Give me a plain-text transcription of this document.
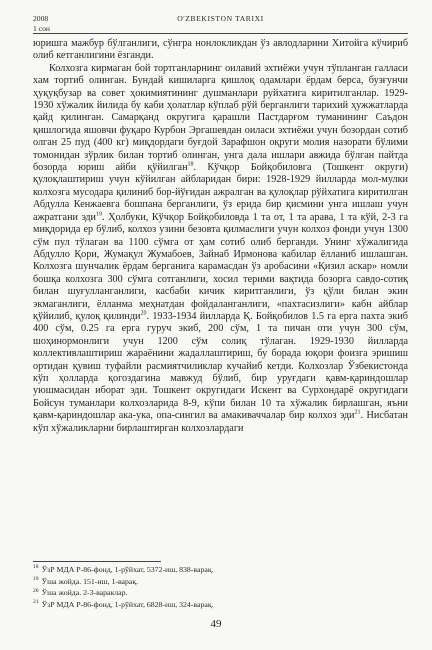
2008
1 сон
O'ZBEKISTON TARIXI

юришга мажбур бўлганлиги, сўнгра нонлокликдан ўз авлодларини Хитойга кўчириб олиб кетганлигини ёзганди.

Колхозга кирмаган бой тортганларнинг оилавий эхтиёжи учун тўпланган галласи хам тортиб олинган. Бундай кишиларга қишлоқ одамлари ёрдам берса, бузғунчи ҳуқуқбузар ва совет ҳокимиятининг душманлари руйхатига киритилганлар. 1929-1930 хўжалик йилида бу каби ҳолатлар кўплаб рўй берганлиги тарихий ҳужжатларда қайд қилинган. Самарқанд округига қарашли Пастдарғом туманининг Саъдон қишлогида яшовчи фуқаро Курбон Эргашевдан оиласи эхтиёжи учун бозордан сотиб олган 25 пуд (400 кг) миқдордаги буғдой Зарафшон оқруги молия назорати бўлими томонидан зўрлик билан тортиб олинган, унга дала ишлари авжида бўлган пайтда бозорда юриш айби қўйилган$^{18}$. Кўчқор Бойқобиловга (Тошкент округи) қулоқлаштириш учун кўйилган айбларидан бири: 1928-1929 йилларда мол-мулки колхозга мусодара қилиниб бор-йўғидан ажралган ва қулоқлар рўйхатига киритилган Абдулла Кенжаевга бошпана берганлиги, ўз ерида бир қисмини унга ишлаш учун ажратгани эди$^{19}$. Ҳолбуки, Кўчқор Бойқобиловда 1 та от, 1 та арава, 1 та кўй, 2-3 га миқдорида ер бўлиб, колхоз узини безовта қилмаслиги учун колхоз фонди учун 1300 сўм пул тўлаган ва 1100 сўмга от ҳам сотиб олиб берганди. Унинг хўжалигида Абдулло Қори, Жумақул Жумабоев, Зайнаб Ирмонова кабилар ёлланиб ишлашган. Колхозга шунчалик ёрдам берганига карамасдан ўз аробасини «Қизил аскар» номли бошқа колхозга 300 сўмга сотганлиги, хосил терими вақтида бозорга савдо-сотиқ билан шуғулланганлиги, касбаби кичик киритганлиги, ўз қўли билан экин экмаганлиги, ёлланма меҳнатдан фойдаланганлиги, «пахтасизлиги» кабн айблар қўйилиб, қулоқ қилинди$^{20}$. 1933-1934 йилларда Қ. Бойқобилов 1.5 га ерга пахта экиб 400 сўм, 0.25 га ерга гуруч экиб, 200 сўм, 1 та пичан оти учун 300 сўм, шоҳинормонлиги учун 1200 сўм солиқ тўлаган. 1929-1930 йилларда коллективлаштириш жараёнини жадаллаштириш, бу борада юқори фоизга эришиш ортидан қувиш туфайли расмиятчиликлар кучайиб кетди. Колхозлар Ўзбекистонда кўп ҳолларда қогоздагина мавжуд бўлиб, бир уруғдаги қавм-қариндошлар уюшмасидан иборат эди. Тошкент округидаги Искент ва Сурхондарё округидаги Бойсун туманлари колхозларида 8-9, кўпи билан 10 та хўжалик бирлашган, яъни қавм-қариндошлар ака-ука, опа-сингил ва амакиваччалар бир колхоз эди$^{21}$. Нисбатан кўп хўжаликларни бирлаштирган колхозлардаги

$^{18}$ ЎзР МДА Р-86-фонд, 1-рўйхат, 5372-иш, 838-варақ.
$^{19}$ Ўша жойда. 151-иш, 1-варақ.
$^{20}$ Ўша жойда. 2-3-вараклар.
$^{21}$ ЎзР МДА Р-86-фонд, 1-рўйхат, 6828-иш, 324-варақ.
49
